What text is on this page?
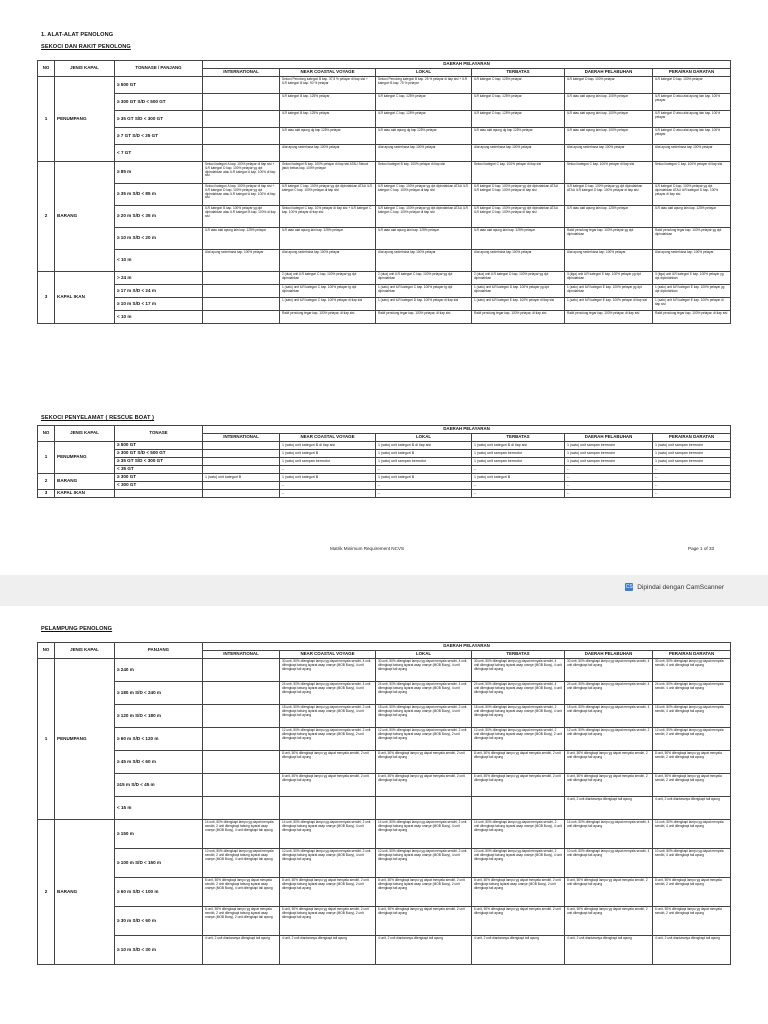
1. ALAT-ALAT PENOLONG
SEKOCI DAN RAKIT PENOLONG
NO	JENIS KAPAL	TONNASE / PANJANG	DAERAH PELAYARAN					
			INTERNATIONAL	NEAR COASTAL VOYAGE	LOKAL	TERBATAS	DAERAH PELABUHAN	PERAIRAN DARATAN
1	PENUMPANG	≥ 500 GT		Sekoci Penolong kategori B kap. 37,5 % pelayar di tiap sisi + ILR kategori B kap. 50 % pelayar	Sekoci Penolong kategori B kap. 25 % pelayar di tiap sisi + ILR kategori B kap. 75 % pelayar	ILR kategori C kap. 125% pelayar	ILR kategori D kap. 100% pelayar	ILR kategori D kap. 100% pelayar
		≥ 300 GT S/D < 500 GT		ILR kategori B kap. 125% pelayar	ILR kategori C kap. 125% pelayar	ILR kategori D kap. 125% pelayar	ILR atau alat apung lain kap. 100% pelayar	ILR kategori D atau alat apung lain kap. 100% pelayar
		≥ 35 GT S/D < 300 GT		ILR kategori B kap. 125% pelayar	ILR kategori C kap. 125% pelayar	ILR kategori D kap. 125% pelayar	ILR atau alat apung lain kap. 100% pelayar	ILR kategori D atau alat apung lain kap. 100% pelayar
		≥ 7 GT S/D < 35 GT		ILR atau alat apung dg kap 125% pelayar	ILR atau alat apung dg kap 125% pelayar	ILR atau alat apung dg kap 125% pelayar	ILR atau alat apung lain kap. 100% pelayar	ILR kategori D atau alat apung lain kap. 100% pelayar
		< 7 GT		Alat apung sederhana kap 100% pelayar	Alat apung sederhana kap 100% pelayar	Alat apung sederhana kap 100% pelayar	Alat apung sederhana kap 100% pelayar	Alat apung sederhana kap 100% pelayar
2	BARANG	≥ 85 m	Sekoci kategori A kap. 100% pelayar di tiap sisi + ILR kategori D kap. 100% pelayar yg dpt dipindahkan atau ILR kategori A kap. 100% di tiap sisi	Sekoci kategori B kap. 100% pelayar di tiap sisi ATAU Sekoci jatuh bebas kap. 100% pelayar	Sekoci kategori B kap. 100% pelayar di tiap sisi	Sekoci kategori C kap. 100% pelayar di tiap sisi	Sekoci kategori C kap. 100% pelayar di tiap sisi	Sekoci kategori C kap. 100% pelayar di tiap sisi
		≥ 35 m S/D < 85 m	Sekoci kategori A kap. 100% pelayar di tiap sisi + ILR kategori D kap. 100% pelayar yg dpt dipindahkan atau ILR kategori A kap. 100% di tiap sisi	ILR kategori C kap. 100% pelayar yg dpt dipindahkan ATAU ILR kategori C kap. 100% pelayar di tiap sisi	ILR kategori C kap. 100% pelayar yg dpt dipindahkan ATAU ILR kategori C kap. 100% pelayar di tiap sisi	ILR kategori D kap. 100% pelayar yg dpt dipindahkan ATAU ILR kategori D kap. 100% pelayar di tiap sisi	ILR kategori D kap. 100% pelayar yg dpt dipindahkan ATAU ILR kategori D kap. 100% pelayar di tiap sisi	ILR kategori D kap. 100% pelayar yg dpt dipindahkan ATAU ILR kategori D kap. 100% pelayar di tiap sisi
		≥ 20 m S/D < 35 m	ILR kategori B kap. 100% pelayar yg dpt dipindahkan atau ILR kategori B kap. 100% di tiap sisi	Sekoci kategori C kap. 10% pelayar di tiap sisi + ILR kategori C kap. 100% pelayar di tiap sisi	ILR kategori C kap. 100% pelayar yg dpt dipindahkan ATAU ILR kategori C kap. 100% pelayar di tiap sisi	ILR kategori D kap. 100% pelayar yg dpt dipindahkan ATAU ILR kategori D kap. 100% pelayar di tiap sisi	ILR atau alat apung lain kap. 125% pelayar	ILR atau alat apung lain kap. 125% pelayar
		≥ 10 m S/D < 20 m	ILR atau alat apung lain kap. 125% pelayar	ILR atau alat apung lain kap. 125% pelayar	ILR atau alat apung lain kap. 125% pelayar	ILR atau alat apung lain kap. 125% pelayar	Rakit penolong tegar kap. 100% pelayar yg dpt dipindahkan	Rakit penolong tegar kap. 100% pelayar yg dpt dipindahkan
		< 10 m	Alat apung sederhana kap. 100% pelayar	Alat apung sederhana kap 100% pelayar	Alat apung sederhana kap 100% pelayar	Alat apung sederhana kap 100% pelayar	Alat apung sederhana kap. 100% pelayar	Alat apung sederhana kap. 100% pelayar
3	KAPAL IKAN	> 24 m		2 (dua) unit ILR kategori C kap. 100% pelayar yg dpt dipindahkan	2 (dua) unit ILR kategori C kap. 100% pelayar yg dpt dipindahkan	2 (dua) unit ILR kategori D kap. 100% pelayar yg dpt dipindahkan	3 (tiga) unit ILR kategori E kap. 100% pelayar yg dpt dipindahkan	3 (tiga) unit ILR kategori E kap. 100% pelayar yg dpt dipindahkan
		≥ 17 m S/D < 24 m		1 (satu) unit ILR kategori C kap. 100% pelayar tg dpt dipindahkan	1 (satu) unit ILR kategori C kap. 100% pelayar tg dpt dipindahkan	1 (satu) unit ILR kategori D kap. 100% pelayar yg dpt dipindahkan	1 (satu) unit ILR kategori E kap. 100% pelayar yg dpt dipindahkan	1 (satu) unit ILR kategori E kap. 100% pelayar yg dpt dipindahkan
		≥ 10 m S/D < 17 m		1 (satu) unit ILR kategori C kap. 100% pelayar di tiap sisi	1 (satu) unit ILR kategori D kap. 100% pelayar di tiap sisi	1 (satu) unit ILR kategori E kap. 100% pelayar di tiap sisi	1 (satu) unit ILR kategori E kap. 100% pelayar di tiap sisi	1 (satu) unit ILR kategori E kap. 100% pelayar di tiap sisi
		< 10 m		Rakit penolong tegar kap. 100% pelayar, di tiap sisi	Rakit penolong tegar kap. 100% pelayar, di tiap sisi	Rakit penolong tegar kap. 100% pelayar, di tiap sisi	Rakit penolong tegar kap. 100% pelayar, di tiap sisi	Rakit penolong tegar kap. 100% pelayar, di tiap sisi
SEKOCI PENYELAMAT ( RESCUE BOAT )
NO	JENIS KAPAL	TONASE	DAERAH PELAYARAN					
			INTERNATIONAL	NEAR COASTAL VOYAGE	LOKAL	TERBATAS	DAERAH PELABUHAN	PERAIRAN DARATAN
1	PENUMPANG	≥ 500 GT		1 (satu) unit kategori B di tiap sisi	1 (satu) unit kategori B di tiap sisi	1 (satu) unit kategori B di tiap sisi	1 (satu) unit sampan bermotor	1 (satu) unit sampan bermotor
		≥ 300 GT S/D < 500 GT		1 (satu) unit kategori B	1 (satu) unit kategori B	1 (satu) unit sampan bermotor	1 (satu) unit sampan bermotor	1 (satu) unit sampan bermotor
		≥ 35 GT S/D < 300 GT		1 (satu) unit sampan bermotor	1 (satu) unit sampan bermotor	1 (satu) unit sampan bermotor	1 (satu) unit sampan bermotor	1 (satu) unit sampan bermotor
		< 35 GT		--	--	--	--	--
2	BARANG	≥ 300 GT	1 (satu) unit kategori B	1 (satu) unit kategori B	1 (satu) unit kategori B	1 (satu) unit kategori B	--	--
		< 300 GT		--	--	--	--	--
3	KAPAL IKAN			--	--	--	--	--
Matrik Minimum Requirement NCVS	Page 1 of 33
CS Dipindai dengan CamScanner
PELAMPUNG PENOLONG
NO	JENIS KAPAL	PANJANG	DAERAH PELAYARAN					
			INTERNATIONAL	NEAR COASTAL VOYAGE	LOKAL	TERBATAS	DAERAH PELABUHAN	PERAIRAN DARATAN
1	PENUMPANG	≥ 240 m		30 unit, 50% dilengkapi lampu yg dapat menyala sendiri, 4 unit dilengkapi tabung isyarat asap oranye (MOB Buoy), 4 unit dilengkapi tali apung	30 unit, 50% dilengkapi lampu yg dapat menyala sendiri, 4 unit dilengkapi tabung isyarat asap oranye (MOB Buoy), 4 unit dilengkapi tali apung	30 unit, 50% dilengkapi lampu yg dapat menyala sendiri, 4 unit dilengkapi tabung isyarat asap oranye (MOB Buoy), 4 unit dilengkapi tali apung	30 unit, 50% dilengkapi lampu yg dapat menyala sendiri, 4 unit dilengkapi tali apung	30 unit, 50% dilengkapi lampu yg dapat menyala sendiri, 4 unit dilengkapi tali apung
		≥ 180 m S/D < 240 m		24 unit, 50% dilengkapi lampu yg dapat menyala sendiri, 4 unit dilengkapi tabung isyarat asap oranye (MOB Buoy), 4 unit dilengkapi tali apung	24 unit, 50% dilengkapi lampu yg dapat menyala sendiri, 4 unit dilengkapi tabung isyarat asap oranye (MOB Buoy), 4 unit dilengkapi tali apung	24 unit, 50% dilengkapi lampu yg dapat menyala sendiri, 4 unit dilengkapi tabung isyarat asap oranye (MOB Buoy), 4 unit dilengkapi tali apung	24 unit, 50% dilengkapi lampu yg dapat menyala sendiri, 4 unit dilengkapi tali apung	24 unit, 50% dilengkapi lampu yg dapat menyala sendiri, 4 unit dilengkapi tali apung
		≥ 120 m S/D < 180 m		18 unit, 50% dilengkapi lampu yg dapat menyala sendiri, 2 unit dilengkapi tabung isyarat asap oranye (MOB Buoy), 4 unit dilengkapi tali apung	18 unit, 50% dilengkapi lampu yg dapat menyala sendiri, 2 unit dilengkapi tabung isyarat asap oranye (MOB Buoy), 4 unit dilengkapi tali apung	18 unit, 50% dilengkapi lampu yg dapat menyala sendiri, 2 unit dilengkapi tabung isyarat asap oranye (MOB Buoy), 4 unit dilengkapi tali apung	18 unit, 50% dilengkapi lampu yg dapat menyala sendiri, 4 unit dilengkapi tali apung	18 unit, 50% dilengkapi lampu yg dapat menyala sendiri, 4 unit dilengkapi tali apung
		≥ 60 m S/D < 120 m		12 unit, 50% dilengkapi lampu yg dapat menyala sendiri, 2 unit dilengkapi tabung isyarat asap oranye (MOB Buoy), 2 unit dilengkapi tali apung	12 unit, 50% dilengkapi lampu yg dapat menyala sendiri, 2 unit dilengkapi tabung isyarat asap oranye (MOB Buoy), 2 unit dilengkapi tali apung	12 unit, 50% dilengkapi lampu yg dapat menyala sendiri, 2 unit dilengkapi tabung isyarat asap oranye (MOB Buoy), 2 unit dilengkapi tali apung	12 unit, 50% dilengkapi lampu yg dapat menyala sendiri, 2 unit dilengkapi tali apung	12 unit, 50% dilengkapi lampu yg dapat menyala sendiri, 2 unit dilengkapi tali apung
		≥ 45 m S/D < 60 m		8 unit, 50% dilengkapi lampu yg dapat menyala sendiri, 2 unit dilengkapi tali apung	8 unit, 50% dilengkapi lampu yg dapat menyala sendiri, 2 unit dilengkapi tali apung	8 unit, 50% dilengkapi lampu yg dapat menyala sendiri, 2 unit dilengkapi tali apung	8 unit, 50% dilengkapi lampu yg dapat menyala sendiri, 2 unit dilengkapi tali apung	8 unit, 50% dilengkapi lampu yg dapat menyala sendiri, 2 unit dilengkapi tali apung
		≥15 m S/D < 45 m		6 unit, 50% dilengkapi lampu yg dapat menyala sendiri, 2 unit dilengkapi tali apung	6 unit, 50% dilengkapi lampu yg dapat menyala sendiri, 2 unit dilengkapi tali apung	6 unit, 50% dilengkapi lampu yg dapat menyala sendiri, 2 unit dilengkapi tali apung	6 unit, 50% dilengkapi lampu yg dapat menyala sendiri, 2 unit dilengkapi tali apung	6 unit, 50% dilengkapi lampu yg dapat menyala sendiri, 2 unit dilengkapi tali apung
		< 15 m					4 unit, 2 unit diantaranya dilengkapi tali apung	4 unit, 2 unit diantaranya dilengkapi tali apung
2	BARANG	≥ 150 m	14 unit, 50% dilengkapi lampu yg dapat menyala sendiri, 2 unit dilengkapi tabung isyarat asap oranye (MOB Buoy), 4 unit dilengkapi tali apung	14 unit, 50% dilengkapi lampu yg dapat menyala sendiri, 2 unit dilengkapi tabung isyarat asap oranye (MOB Buoy), 4 unit dilengkapi tali apung	14 unit, 50% dilengkapi lampu yg dapat menyala sendiri, 2 unit dilengkapi tabung isyarat asap oranye (MOB Buoy), 4 unit dilengkapi tali apung	14 unit, 50% dilengkapi lampu yg dapat menyala sendiri, 2 unit dilengkapi tabung isyarat asap oranye (MOB Buoy), 4 unit dilengkapi tali apung	14 unit, 50% dilengkapi lampu yg dapat menyala sendiri, 4 unit dilengkapi tali apung	14 unit, 50% dilengkapi lampu yg dapat menyala sendiri, 4 unit dilengkapi tali apung
		≥ 100 m S/D < 150 m	10 unit, 50% dilengkapi lampu yg dapat menyala sendiri, 2 unit dilengkapi tabung isyarat asap oranye (MOB Buoy), 4 unit dilengkapi tali apung	10 unit, 50% dilengkapi lampu yg dapat menyala sendiri, 2 unit dilengkapi tabung isyarat asap oranye (MOB Buoy), 4 unit dilengkapi tali apung	10 unit, 50% dilengkapi lampu yg dapat menyala sendiri, 2 unit dilengkapi tabung isyarat asap oranye (MOB Buoy), 4 unit dilengkapi tali apung	10 unit, 50% dilengkapi lampu yg dapat menyala sendiri, 2 unit dilengkapi tabung isyarat asap oranye (MOB Buoy), 4 unit dilengkapi tali apung	10 unit, 50% dilengkapi lampu yg dapat menyala sendiri, 4 unit dilengkapi tali apung	10 unit, 50% dilengkapi lampu yg dapat menyala sendiri, 4 unit dilengkapi tali apung
		≥ 60 m S/D < 100 m	8 unit, 50% dilengkapi lampu yg dapat menyala sendiri, 2 unit dilengkapi tabung isyarat asap oranye (MOB Buoy), 4 unit dilengkapi tali apung	8 unit, 50% dilengkapi lampu yg dapat menyala sendiri, 2 unit dilengkapi tabung isyarat asap oranye (MOB Buoy), 2 unit dilengkapi tali apung	8 unit, 50% dilengkapi lampu yg dapat menyala sendiri, 2 unit dilengkapi tabung isyarat asap oranye (MOB Buoy), 2 unit dilengkapi tali apung	8 unit, 50% dilengkapi lampu yg dapat menyala sendiri, 2 unit dilengkapi tabung isyarat asap oranye (MOB Buoy), 2 unit dilengkapi tali apung	8 unit, 50% dilengkapi lampu yg dapat menyala sendiri, 2 unit dilengkapi tali apung	8 unit, 50% dilengkapi lampu yg dapat menyala sendiri, 2 unit dilengkapi tali apung
		≥ 30 m S/D < 60 m	8 unit, 50% dilengkapi lampu yg dapat menyala sendiri, 2 unit dilengkapi tabung isyarat asap oranye (MOB Buoy), 2 unit dilengkapi tali apung	6 unit, 50% dilengkapi lampu yg dapat menyala sendiri, 2 unit dilengkapi tabung isyarat asap oranye (MOB Buoy), 2 unit dilengkapi tali apung	6 unit, 50% dilengkapi lampu yg dapat menyala sendiri, 2 unit dilengkapi tali apung	6 unit, 50% dilengkapi lampu yg dapat menyala sendiri, 2 unit dilengkapi tali apung	6 unit, 50% dilengkapi lampu yg dapat menyala sendiri, 2 unit dilengkapi tali apung	6 unit, 50% dilengkapi lampu yg dapat menyala sendiri, 2 unit dilengkapi tali apung
		≥ 10 m S/D < 30 m	4 unit, 2 unit diantaranya dilengkapi tali apung	4 unit, 2 unit diantaranya dilengkapi tali apung	4 unit, 2 unit diantaranya dilengkapi tali apung	4 unit, 2 unit diantaranya dilengkapi tali apung	4 unit, 2 unit diantaranya dilengkapi tali apung	4 unit, 2 unit diantaranya dilengkapi tali apung
